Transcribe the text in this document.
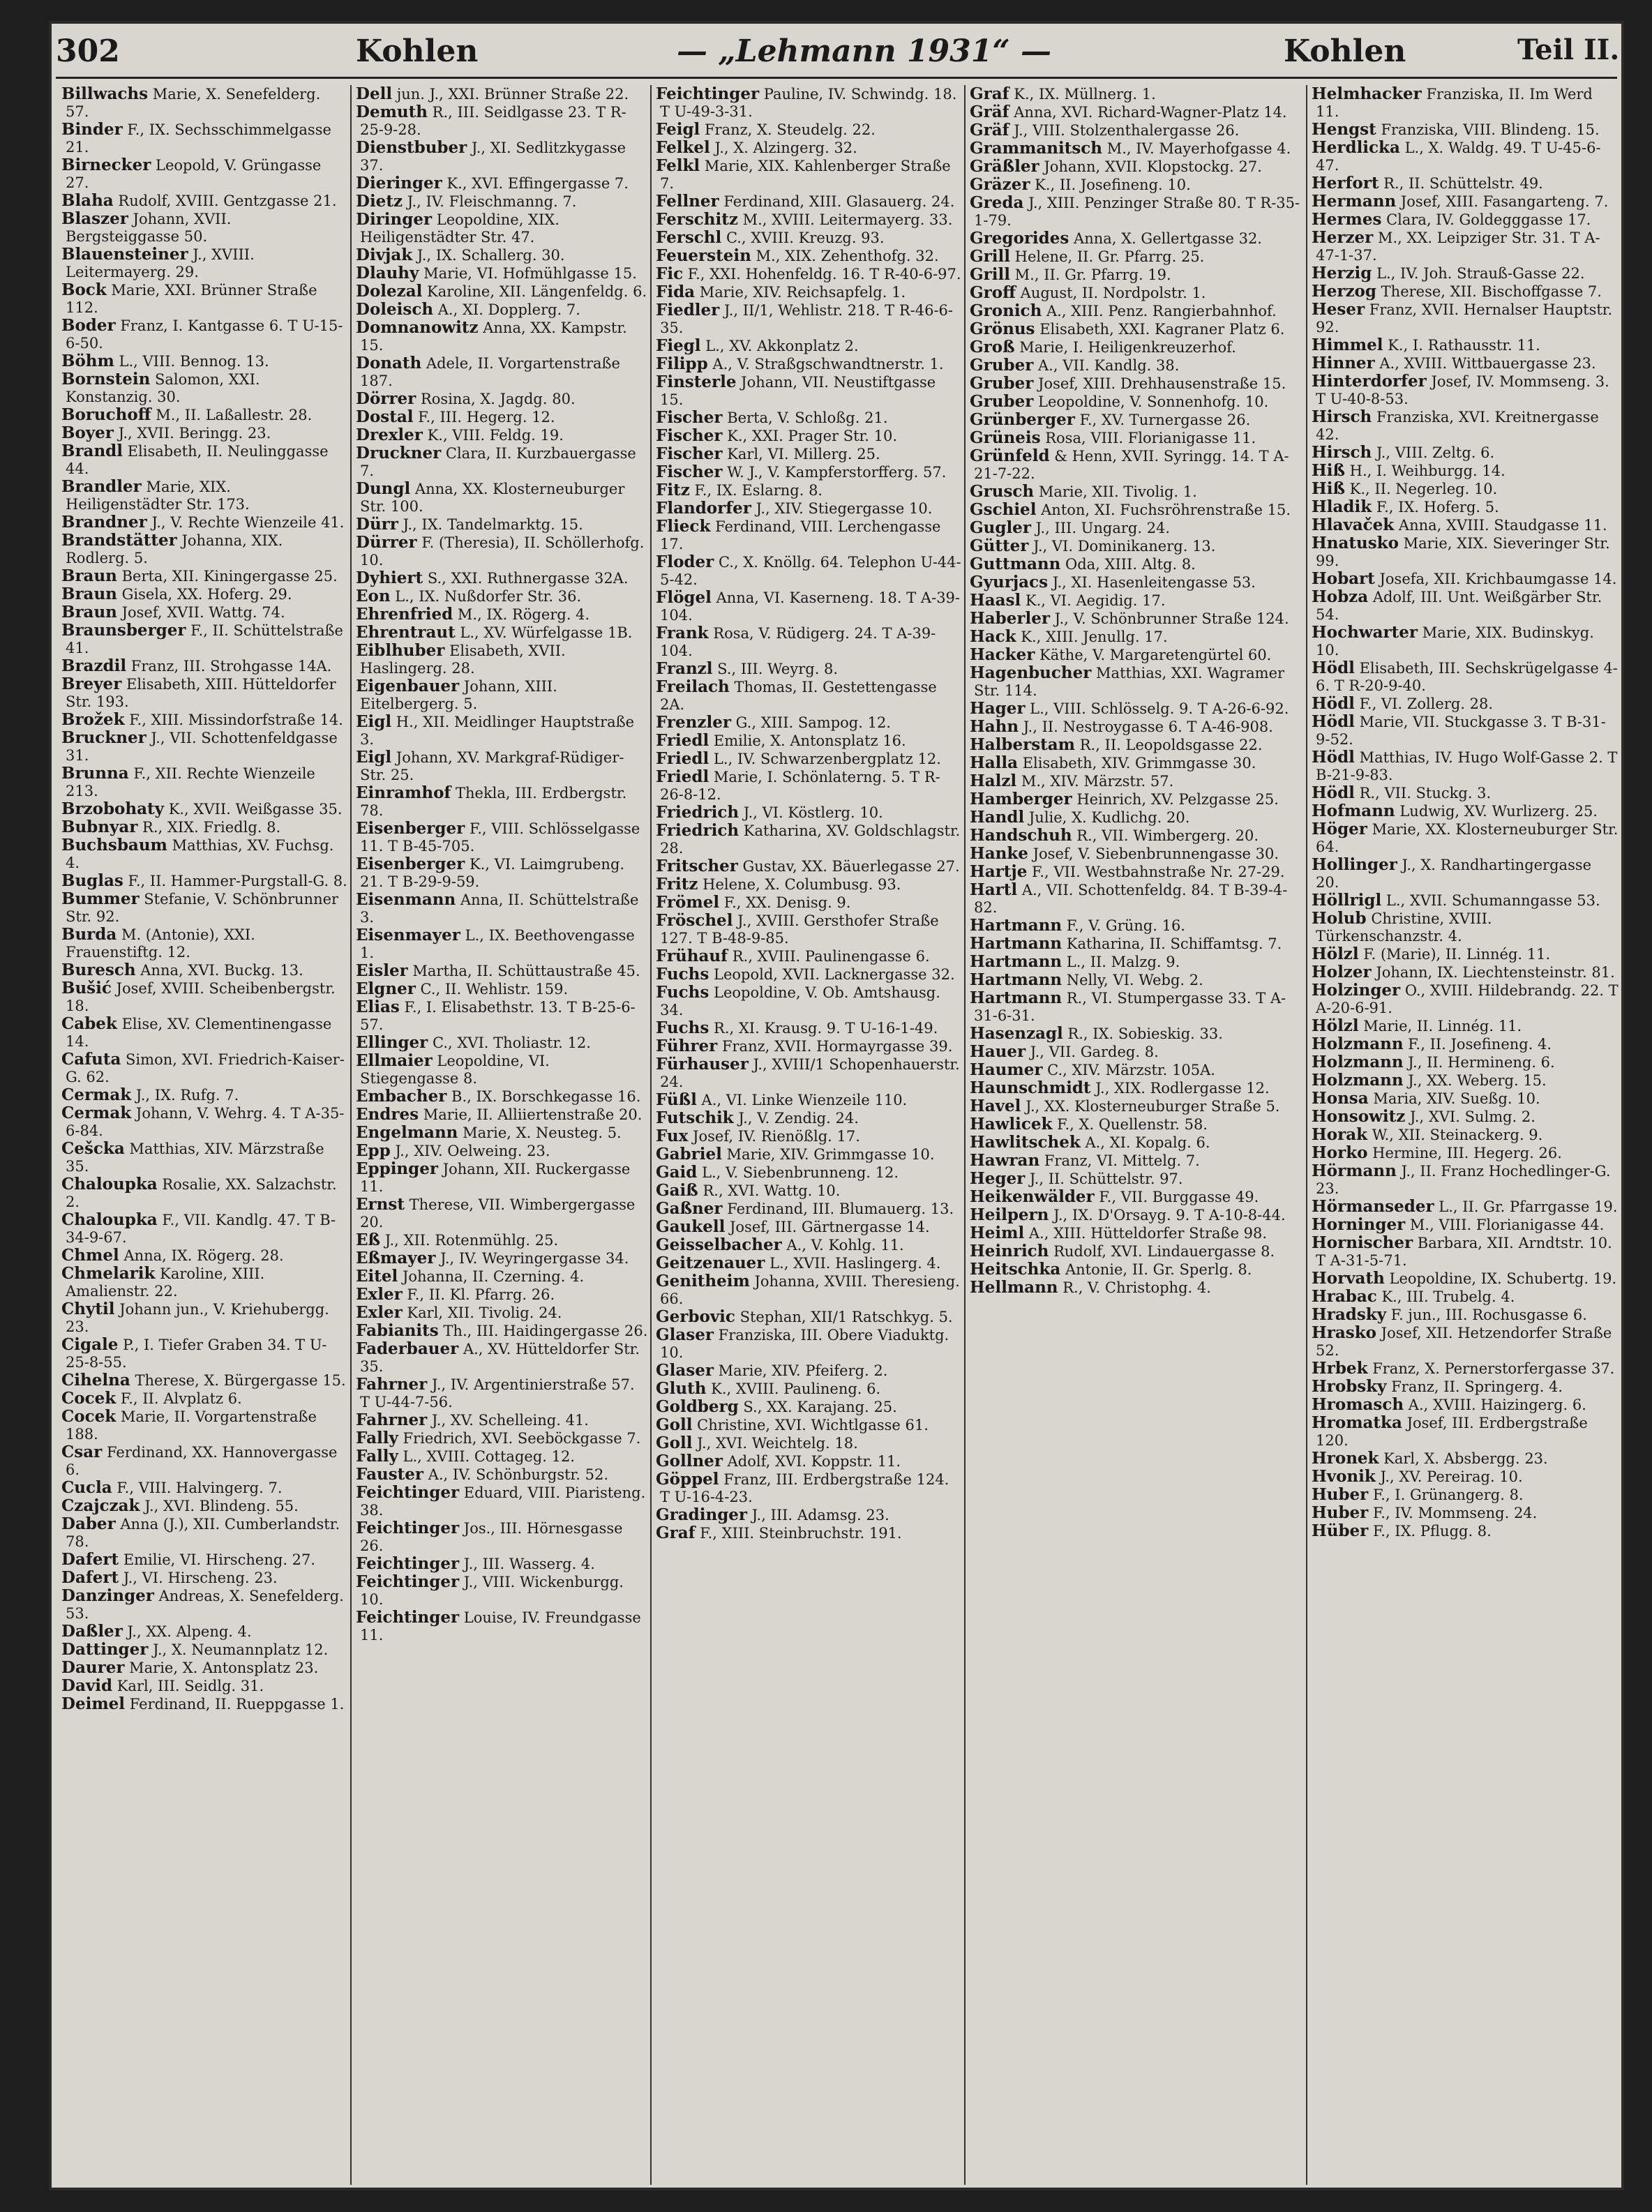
302	Kohlen	— „Lehmann 1931“ —	Kohlen	Teil II.
Billwachs Marie, X. Senefelderg. 57.
Binder F., IX. Sechsschimmelgasse 21.
Birnecker Leopold, V. Grüngasse 27.
Blaha Rudolf, XVIII. Gentzgasse 21.
Blaszer Johann, XVII. Bergsteiggasse 50.
Blauensteiner J., XVIII. Leitermayerg. 29.
Bock Marie, XXI. Brünner Straße 112.
Boder Franz, I. Kantgasse 6. T U-15-6-50.
Böhm L., VIII. Bennog. 13.
Bornstein Salomon, XXI. Konstanzig. 30.
Boruchoff M., II. Laßallestr. 28.
Boyer J., XVII. Beringg. 23.
Brandl Elisabeth, II. Neulinggasse 44.
Brandler Marie, XIX. Heiligenstädter Str. 173.
Brandner J., V. Rechte Wienzeile 41.
Brandstätter Johanna, XIX. Rodlerg. 5.
Braun Berta, XII. Kiningergasse 25.
Braun Gisela, XX. Hoferg. 29.
Braun Josef, XVII. Wattg. 74.
Braunsberger F., II. Schüttelstraße 41.
Brazdil Franz, III. Strohgasse 14A.
Breyer Elisabeth, XIII. Hütteldorfer Str. 193.
Brožek F., XIII. Missindorfstraße 14.
Bruckner J., VII. Schottenfeldgasse 31.
Brunna F., XII. Rechte Wienzeile 213.
Brzobohaty K., XVII. Weißgasse 35.
Bubnyar R., XIX. Friedlg. 8.
Buchsbaum Matthias, XV. Fuchsg. 4.
Buglas F., II. Hammer-Purgstall-G. 8.
Bummer Stefanie, V. Schönbrunner Str. 92.
Burda M. (Antonie), XXI. Frauenstiftg. 12.
Buresch Anna, XVI. Buckg. 13.
Bušić Josef, XVIII. Scheibenbergstr. 18.
Cabek Elise, XV. Clementinengasse 14.
Cafuta Simon, XVI. Friedrich-Kaiser-G. 62.
Cermak J., IX. Rufg. 7.
Cermak Johann, V. Wehrg. 4. T A-35-6-84.
Cešcka Matthias, XIV. Märzstraße 35.
Chaloupka Rosalie, XX. Salzachstr. 2.
Chaloupka F., VII. Kandlg. 47. T B-34-9-67.
Chmel Anna, IX. Rögerg. 28.
Chmelarik Karoline, XIII. Amalienstr. 22.
Chytil Johann jun., V. Kriehubergg. 23.
Cigale P., I. Tiefer Graben 34. T U-25-8-55.
Cihelna Therese, X. Bürgergasse 15.
Cocek F., II. Alvplatz 6.
Cocek Marie, II. Vorgartenstraße 188.
Csar Ferdinand, XX. Hannovergasse 6.
Cucla F., VIII. Halvingerg. 7.
Czajczak J., XVI. Blindeng. 55.
Daber Anna (J.), XII. Cumberlandstr. 78.
Dafert Emilie, VI. Hirscheng. 27.
Dafert J., VI. Hirscheng. 23.
Danzinger Andreas, X. Senefelderg. 53.
Daßler J., XX. Alpeng. 4.
Dattinger J., X. Neumannplatz 12.
Daurer Marie, X. Antonsplatz 23.
David Karl, III. Seidlg. 31.
Deimel Ferdinand, II. Rueppgasse 1.
Dell jun. J., XXI. Brünner Straße 22.
Demuth R., III. Seidlgasse 23. T R-25-9-28.
Dienstbuber J., XI. Sedlitzkygasse 37.
Dieringer K., XVI. Effingergasse 7.
Dietz J., IV. Fleischmanng. 7.
Diringer Leopoldine, XIX. Heiligenstädter Str. 47.
Divjak J., IX. Schallerg. 30.
Dlauhy Marie, VI. Hofmühlgasse 15.
Dolezal Karoline, XII. Längenfeldg. 6.
Doleisch A., XI. Dopplerg. 7.
Domnanowitz Anna, XX. Kampstr. 15.
Donath Adele, II. Vorgartenstraße 187.
Dörrer Rosina, X. Jagdg. 80.
Dostal F., III. Hegerg. 12.
Drexler K., VIII. Feldg. 19.
Druckner Clara, II. Kurzbauergasse 7.
Dungl Anna, XX. Klosterneuburger Str. 100.
Dürr J., IX. Tandelmarktg. 15.
Dürrer F. (Theresia), II. Schöllerhofg. 10.
Dyhiert S., XXI. Ruthnergasse 32A.
Eon L., IX. Nußdorfer Str. 36.
Ehrenfried M., IX. Rögerg. 4.
Ehrentraut L., XV. Würfelgasse 1B.
Eiblhuber Elisabeth, XVII. Haslingerg. 28.
Eigenbauer Johann, XIII. Eitelbergerg. 5.
Eigl H., XII. Meidlinger Hauptstraße 3.
Eigl Johann, XV. Markgraf-Rüdiger-Str. 25.
Einramhof Thekla, III. Erdbergstr. 78.
Eisenberger F., VIII. Schlösselgasse 11. T B-45-705.
Eisenberger K., VI. Laimgrubeng. 21. T B-29-9-59.
Eisenmann Anna, II. Schüttelstraße 3.
Eisenmayer L., IX. Beethovengasse 1.
Eisler Martha, II. Schüttaustraße 45.
Elgner C., II. Wehlistr. 159.
Elias F., I. Elisabethstr. 13. T B-25-6-57.
Ellinger C., XVI. Tholiastr. 12.
Ellmaier Leopoldine, VI. Stiegengasse 8.
Embacher B., IX. Borschkegasse 16.
Endres Marie, II. Alliiertenstraße 20.
Engelmann Marie, X. Neusteg. 5.
Epp J., XIV. Oelweing. 23.
Eppinger Johann, XII. Ruckergasse 11.
Ernst Therese, VII. Wimbergergasse 20.
Eß J., XII. Rotenmühlg. 25.
Eßmayer J., IV. Weyringergasse 34.
Eitel Johanna, II. Czerning. 4.
Exler F., II. Kl. Pfarrg. 26.
Exler Karl, XII. Tivolig. 24.
Fabianits Th., III. Haidingergasse 26.
Faderbauer A., XV. Hütteldorfer Str. 35.
Fahrner J., IV. Argentinierstraße 57. T U-44-7-56.
Fahrner J., XV. Schelleing. 41.
Fally Friedrich, XVI. Seeböckgasse 7.
Fally L., XVIII. Cottageg. 12.
Fauster A., IV. Schönburgstr. 52.
Feichtinger Eduard, VIII. Piaristeng. 38.
Feichtinger Jos., III. Hörnesgasse 26.
Feichtinger J., III. Wasserg. 4.
Feichtinger J., VIII. Wickenburgg. 10.
Feichtinger Louise, IV. Freundgasse 11.
Feichtinger Pauline, IV. Schwindg. 18. T U-49-3-31.
Feigl Franz, X. Steudelg. 22.
Felkel J., X. Alzingerg. 32.
Felkl Marie, XIX. Kahlenberger Straße 7.
Fellner Ferdinand, XIII. Glasauerg. 24.
Ferschitz M., XVIII. Leitermayerg. 33.
Ferschl C., XVIII. Kreuzg. 93.
Feuerstein M., XIX. Zehenthofg. 32.
Fic F., XXI. Hohenfeldg. 16. T R-40-6-97.
Fida Marie, XIV. Reichsapfelg. 1.
Fiedler J., II/1, Wehlistr. 218. T R-46-6-35.
Fiegl L., XV. Akkonplatz 2.
Filipp A., V. Straßgschwandtnerstr. 1.
Finsterle Johann, VII. Neustiftgasse 15.
Fischer Berta, V. Schloßg. 21.
Fischer K., XXI. Prager Str. 10.
Fischer Karl, VI. Millerg. 25.
Fischer W. J., V. Kampferstorfferg. 57.
Fitz F., IX. Eslarng. 8.
Flandorfer J., XIV. Stiegergasse 10.
Flieck Ferdinand, VIII. Lerchengasse 17.
Floder C., X. Knöllg. 64. Telephon U-44-5-42.
Flögel Anna, VI. Kaserneng. 18. T A-39-104.
Frank Rosa, V. Rüdigerg. 24. T A-39-104.
Franzl S., III. Weyrg. 8.
Freilach Thomas, II. Gestettengasse 2A.
Frenzler G., XIII. Sampog. 12.
Friedl Emilie, X. Antonsplatz 16.
Friedl L., IV. Schwarzenbergplatz 12.
Friedl Marie, I. Schönlaterng. 5. T R-26-8-12.
Friedrich J., VI. Köstlerg. 10.
Friedrich Katharina, XV. Goldschlagstr. 28.
Fritscher Gustav, XX. Bäuerlegasse 27.
Fritz Helene, X. Columbusg. 93.
Frömel F., XX. Denisg. 9.
Fröschel J., XVIII. Gersthofer Straße 127. T B-48-9-85.
Frühauf R., XVIII. Paulinengasse 6.
Fuchs Leopold, XVII. Lacknergasse 32.
Fuchs Leopoldine, V. Ob. Amtshausg. 34.
Fuchs R., XI. Krausg. 9. T U-16-1-49.
Führer Franz, XVII. Hormayrgasse 39.
Fürhauser J., XVIII/1 Schopenhauerstr. 24.
Füßl A., VI. Linke Wienzeile 110.
Futschik J., V. Zendig. 24.
Fux Josef, IV. Rienößlg. 17.
Gabriel Marie, XIV. Grimmgasse 10.
Gaid L., V. Siebenbrunneng. 12.
Gaiß R., XVI. Wattg. 10.
Gaßner Ferdinand, III. Blumauerg. 13.
Gaukell Josef, III. Gärtnergasse 14.
Geisselbacher A., V. Kohlg. 11.
Geitzenauer L., XVII. Haslingerg. 4.
Genitheim Johanna, XVIII. Theresieng. 66.
Gerbovic Stephan, XII/1 Ratschkyg. 5.
Glaser Franziska, III. Obere Viaduktg. 10.
Glaser Marie, XIV. Pfeiferg. 2.
Gluth K., XVIII. Paulineng. 6.
Goldberg S., XX. Karajang. 25.
Goll Christine, XVI. Wichtlgasse 61.
Goll J., XVI. Weichtelg. 18.
Gollner Adolf, XVI. Koppstr. 11.
Göppel Franz, III. Erdbergstraße 124. T U-16-4-23.
Gradinger J., III. Adamsg. 23.
Graf F., XIII. Steinbruchstr. 191.
Graf K., IX. Müllnerg. 1.
Gräf Anna, XVI. Richard-Wagner-Platz 14.
Gräf J., VIII. Stolzenthalergasse 26.
Grammanitsch M., IV. Mayerhofgasse 4.
Gräßler Johann, XVII. Klopstockg. 27.
Gräzer K., II. Josefineng. 10.
Greda J., XIII. Penzinger Straße 80. T R-35-1-79.
Gregorides Anna, X. Gellertgasse 32.
Grill Helene, II. Gr. Pfarrg. 25.
Grill M., II. Gr. Pfarrg. 19.
Groff August, II. Nordpolstr. 1.
Gronich A., XIII. Penz. Rangierbahnhof.
Grönus Elisabeth, XXI. Kagraner Platz 6.
Groß Marie, I. Heiligenkreuzerhof.
Gruber A., VII. Kandlg. 38.
Gruber Josef, XIII. Drehhausenstraße 15.
Gruber Leopoldine, V. Sonnenhofg. 10.
Grünberger F., XV. Turnergasse 26.
Grüneis Rosa, VIII. Florianigasse 11.
Grünfeld & Henn, XVII. Syringg. 14. T A-21-7-22.
Grusch Marie, XII. Tivolig. 1.
Gschiel Anton, XI. Fuchsröhrenstraße 15.
Gugler J., III. Ungarg. 24.
Gütter J., VI. Dominikanerg. 13.
Guttmann Oda, XIII. Altg. 8.
Gyurjacs J., XI. Hasenleitengasse 53.
Haasl K., VI. Aegidig. 17.
Haberler J., V. Schönbrunner Straße 124.
Hack K., XIII. Jenullg. 17.
Hacker Käthe, V. Margaretengürtel 60.
Hagenbucher Matthias, XXI. Wagramer Str. 114.
Hager L., VIII. Schlösselg. 9. T A-26-6-92.
Hahn J., II. Nestroygasse 6. T A-46-908.
Halberstam R., II. Leopoldsgasse 22.
Halla Elisabeth, XIV. Grimmgasse 30.
Halzl M., XIV. Märzstr. 57.
Hamberger Heinrich, XV. Pelzgasse 25.
Handl Julie, X. Kudlichg. 20.
Handschuh R., VII. Wimbergerg. 20.
Hanke Josef, V. Siebenbrunnengasse 30.
Hartje F., VII. Westbahnstraße Nr. 27-29.
Hartl A., VII. Schottenfeldg. 84. T B-39-4-82.
Hartmann F., V. Grüng. 16.
Hartmann Katharina, II. Schiffamtsg. 7.
Hartmann L., II. Malzg. 9.
Hartmann Nelly, VI. Webg. 2.
Hartmann R., VI. Stumpergasse 33. T A-31-6-31.
Hasenzagl R., IX. Sobieskig. 33.
Hauer J., VII. Gardeg. 8.
Haumer C., XIV. Märzstr. 105A.
Haunschmidt J., XIX. Rodlergasse 12.
Havel J., XX. Klosterneuburger Straße 5.
Hawlicek F., X. Quellenstr. 58.
Hawlitschek A., XI. Kopalg. 6.
Hawran Franz, VI. Mittelg. 7.
Heger J., II. Schüttelstr. 97.
Heikenwälder F., VII. Burggasse 49.
Heilpern J., IX. D'Orsayg. 9. T A-10-8-44.
Heiml A., XIII. Hütteldorfer Straße 98.
Heinrich Rudolf, XVI. Lindauergasse 8.
Heitschka Antonie, II. Gr. Sperlg. 8.
Hellmann R., V. Christophg. 4.
Helmhacker Franziska, II. Im Werd 11.
Hengst Franziska, VIII. Blindeng. 15.
Herdlicka L., X. Waldg. 49. T U-45-6-47.
Herfort R., II. Schüttelstr. 49.
Hermann Josef, XIII. Fasangarteng. 7.
Hermes Clara, IV. Goldegggasse 17.
Herzer M., XX. Leipziger Str. 31. T A-47-1-37.
Herzig L., IV. Joh. Strauß-Gasse 22.
Herzog Therese, XII. Bischoffgasse 7.
Heser Franz, XVII. Hernalser Hauptstr. 92.
Himmel K., I. Rathausstr. 11.
Hinner A., XVIII. Wittbauergasse 23.
Hinterdorfer Josef, IV. Mommseng. 3. T U-40-8-53.
Hirsch Franziska, XVI. Kreitnergasse 42.
Hirsch J., VIII. Zeltg. 6.
Hiß H., I. Weihburgg. 14.
Hiß K., II. Negerleg. 10.
Hladik F., IX. Hoferg. 5.
Hlavaček Anna, XVIII. Staudgasse 11.
Hnatusko Marie, XIX. Sieveringer Str. 99.
Hobart Josefa, XII. Krichbaumgasse 14.
Hobza Adolf, III. Unt. Weißgärber Str. 54.
Hochwarter Marie, XIX. Budinskyg. 10.
Hödl Elisabeth, III. Sechskrügelgasse 4-6. T R-20-9-40.
Hödl F., VI. Zollerg. 28.
Hödl Marie, VII. Stuckgasse 3. T B-31-9-52.
Hödl Matthias, IV. Hugo Wolf-Gasse 2. T B-21-9-83.
Hödl R., VII. Stuckg. 3.
Hofmann Ludwig, XV. Wurlizerg. 25.
Höger Marie, XX. Klosterneuburger Str. 64.
Hollinger J., X. Randhartingergasse 20.
Höllrigl L., XVII. Schumanngasse 53.
Holub Christine, XVIII. Türkenschanzstr. 4.
Hölzl F. (Marie), II. Linnég. 11.
Holzer Johann, IX. Liechtensteinstr. 81.
Holzinger O., XVIII. Hildebrandg. 22. T A-20-6-91.
Hölzl Marie, II. Linnég. 11.
Holzmann F., II. Josefineng. 4.
Holzmann J., II. Hermineng. 6.
Holzmann J., XX. Weberg. 15.
Honsa Maria, XIV. Sueßg. 10.
Honsowitz J., XVI. Sulmg. 2.
Horak W., XII. Steinackerg. 9.
Horko Hermine, III. Hegerg. 26.
Hörmann J., II. Franz Hochedlinger-G. 23.
Hörmanseder L., II. Gr. Pfarrgasse 19.
Horninger M., VIII. Florianigasse 44.
Hornischer Barbara, XII. Arndtstr. 10. T A-31-5-71.
Horvath Leopoldine, IX. Schubertg. 19.
Hrabac K., III. Trubelg. 4.
Hradsky F. jun., III. Rochusgasse 6.
Hrasko Josef, XII. Hetzendorfer Straße 52.
Hrbek Franz, X. Pernerstorfergasse 37.
Hrobsky Franz, II. Springerg. 4.
Hromasch A., XVIII. Haizingerg. 6.
Hromatka Josef, III. Erdbergstraße 120.
Hronek Karl, X. Absbergg. 23.
Hvonik J., XV. Pereirag. 10.
Huber F., I. Grünangerg. 8.
Huber F., IV. Mommseng. 24.
Hüber F., IX. Pflugg. 8.
